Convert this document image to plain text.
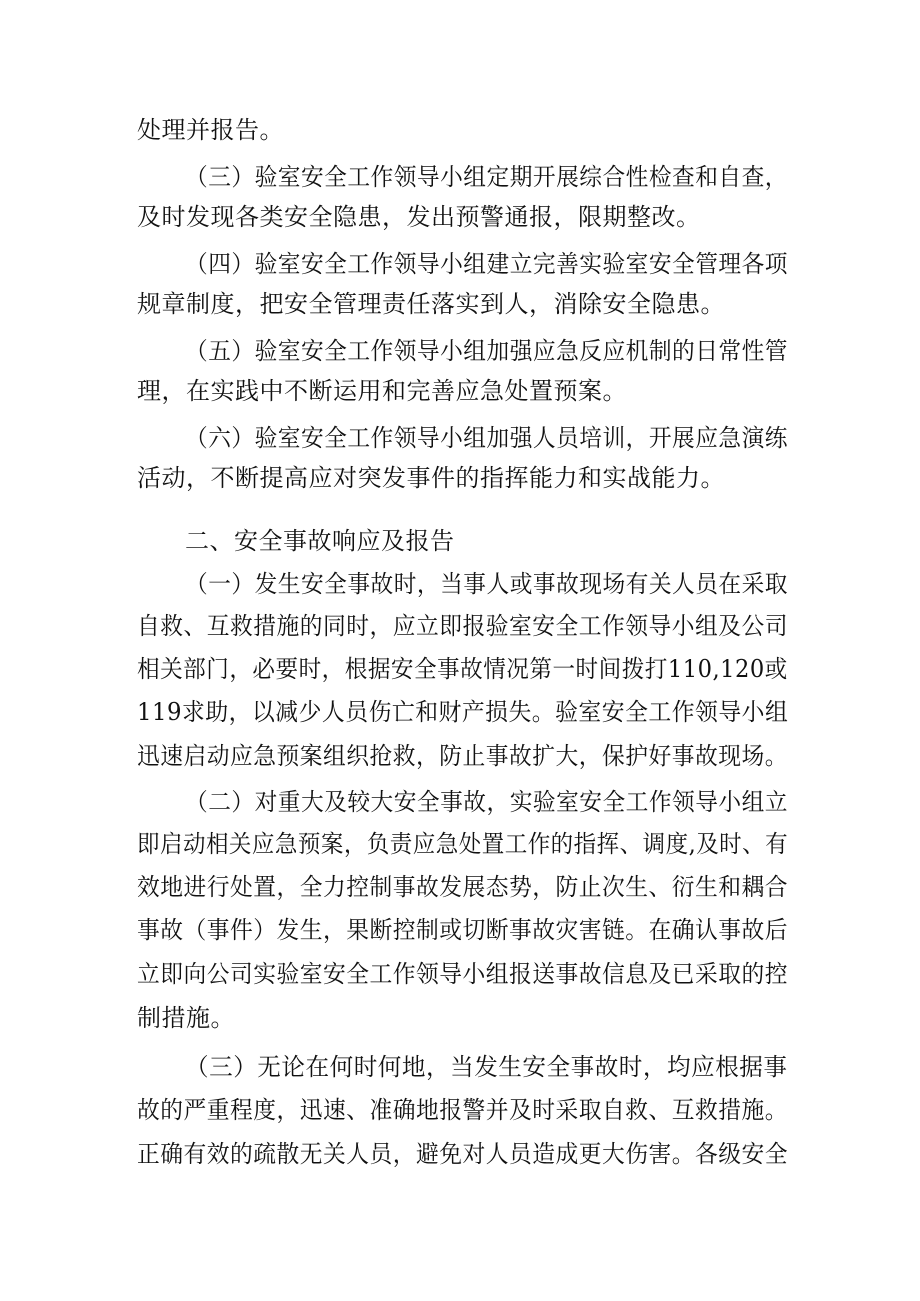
处理并报告。
（三）验室安全工作领导小组定期开展综合性检查和自查，
及时发现各类安全隐患，发出预警通报，限期整改。
（四）验室安全工作领导小组建立完善实验室安全管理各项
规章制度，把安全管理责任落实到人，消除安全隐患。
（五）验室安全工作领导小组加强应急反应机制的日常性管
理，在实践中不断运用和完善应急处置预案。
（六）验室安全工作领导小组加强人员培训，开展应急演练
活动，不断提高应对突发事件的指挥能力和实战能力。
二、安全事故响应及报告
（一）发生安全事故时，当事人或事故现场有关人员在采取
自救、互救措施的同时，应立即报验室安全工作领导小组及公司
相关部门，必要时，根据安全事故情况第一时间拨打110,120或
119求助，以减少人员伤亡和财产损失。验室安全工作领导小组
迅速启动应急预案组织抢救，防止事故扩大，保护好事故现场。
（二）对重大及较大安全事故，实验室安全工作领导小组立
即启动相关应急预案，负责应急处置工作的指挥、调度,及时、有
效地进行处置，全力控制事故发展态势，防止次生、衍生和耦合
事故（事件）发生，果断控制或切断事故灾害链。在确认事故后
立即向公司实验室安全工作领导小组报送事故信息及已采取的控
制措施。
（三）无论在何时何地，当发生安全事故时，均应根据事
故的严重程度，迅速、准确地报警并及时采取自救、互救措施。
正确有效的疏散无关人员，避免对人员造成更大伤害。各级安全
